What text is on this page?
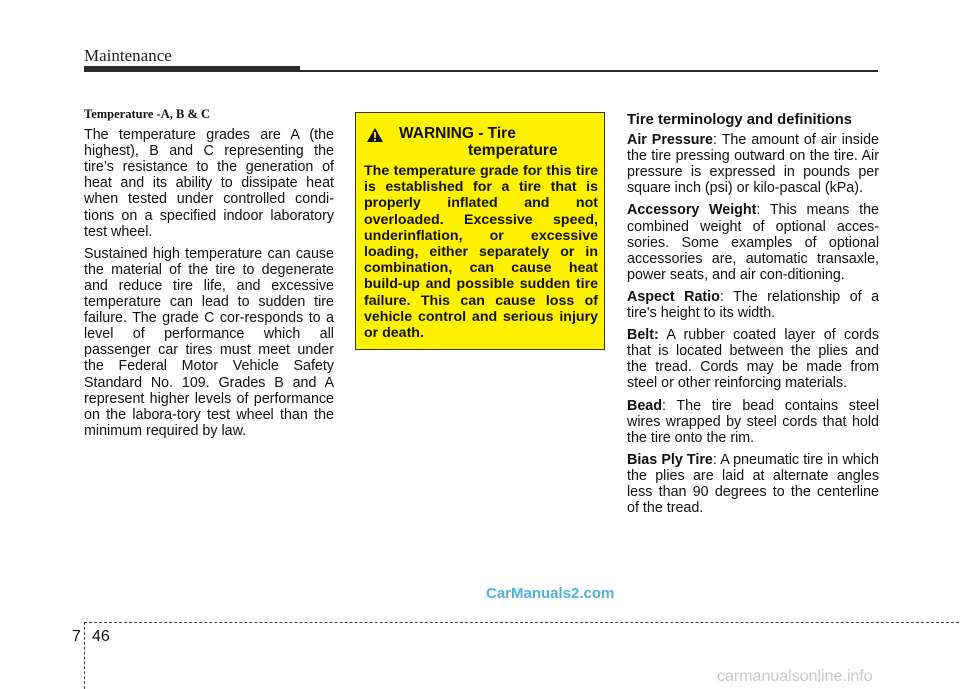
Maintenance
Temperature -A, B & C

The temperature grades are A (the highest), B and C representing the tire’s resistance to the generation of heat and its ability to dissipate heat when tested under controlled condi-tions on a specified indoor laboratory test wheel.

Sustained high temperature can cause the material of the tire to degenerate and reduce tire life, and excessive temperature can lead to sudden tire failure. The grade C cor-responds to a level of performance which all passenger car tires must meet under the Federal Motor Vehicle Safety Standard No. 109. Grades B and A represent higher levels of performance on the labora-tory test wheel than the minimum required by law.

WARNING - Tire
temperature
The temperature grade for this tire is established for a tire that is properly inflated and not overloaded. Excessive speed, underinflation, or excessive loading, either separately or in combination, can cause heat build-up and possible sudden tire failure. This can cause loss of vehicle control and serious injury or death.
Tire terminology and definitions

Air Pressure: The amount of air inside the tire pressing outward on the tire. Air pressure is expressed in pounds per square inch (psi) or kilo-pascal (kPa).

Accessory Weight: This means the combined weight of optional acces-sories. Some examples of optional accessories are, automatic transaxle, power seats, and air con-ditioning.

Aspect Ratio: The relationship of a tire's height to its width.

Belt: A rubber coated layer of cords that is located between the plies and the tread. Cords may be made from steel or other reinforcing materials.

Bead: The tire bead contains steel wires wrapped by steel cords that hold the tire onto the rim.

Bias Ply Tire: A pneumatic tire in which the plies are laid at alternate angles less than 90 degrees to the centerline of the tread.

CarManuals2.com
7 46
carmanualsonline.info
